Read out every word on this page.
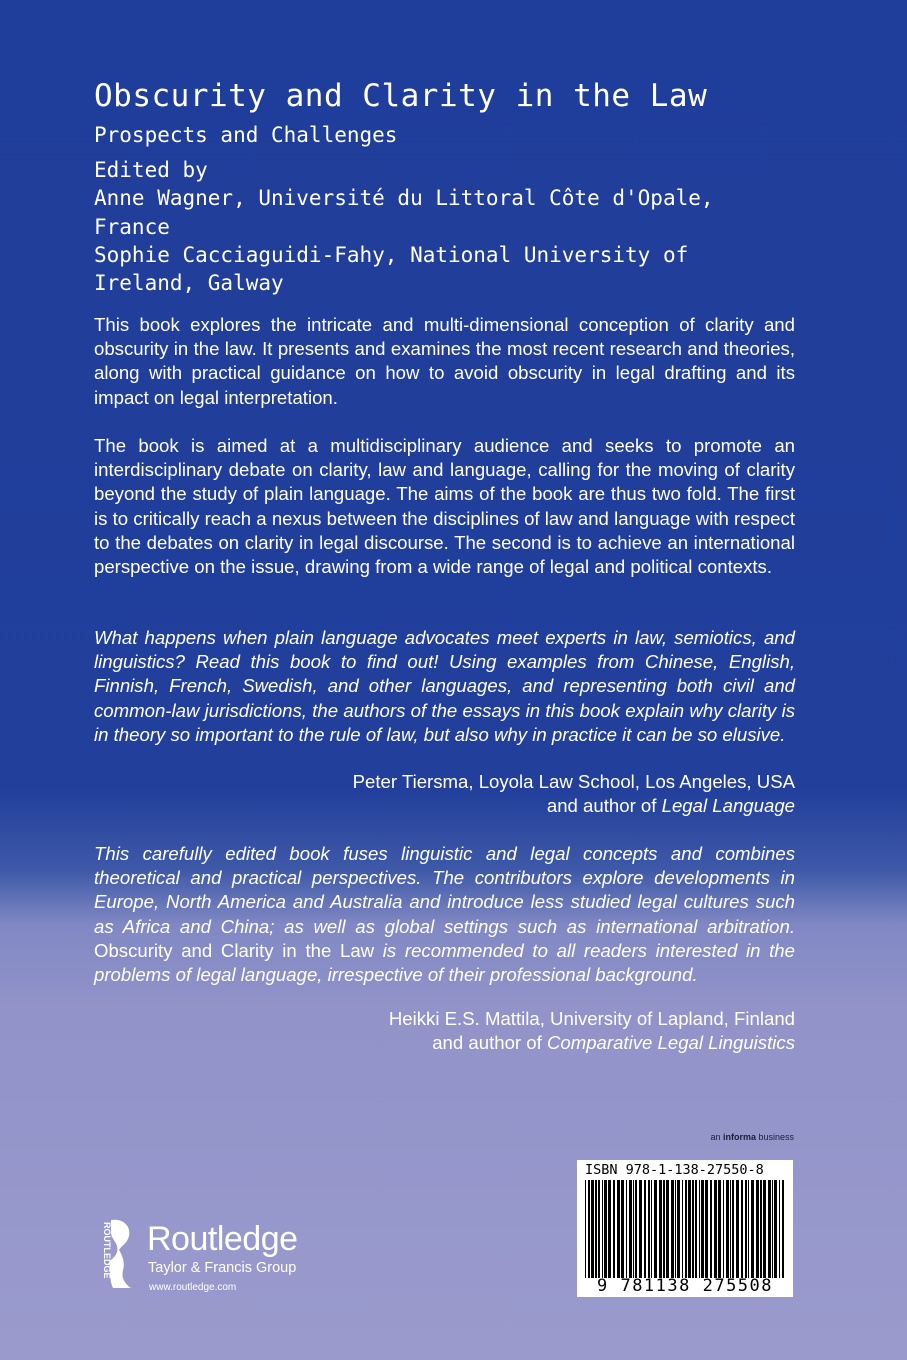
Obscurity and Clarity in the Law
Prospects and Challenges
Edited by
Anne Wagner, Université du Littoral Côte d'Opale,
France
Sophie Cacciaguidi-Fahy, National University of
Ireland, Galway
This book explores the intricate and multi-dimensional conception of clarity and obscurity in the law. It presents and examines the most recent research and theories, along with practical guidance on how to avoid obscurity in legal drafting and its impact on legal interpretation.
The book is aimed at a multidisciplinary audience and seeks to promote an interdisciplinary debate on clarity, law and language, calling for the moving of clarity beyond the study of plain language. The aims of the book are thus two fold. The first is to critically reach a nexus between the disciplines of law and language with respect to the debates on clarity in legal discourse. The second is to achieve an international perspective on the issue, drawing from a wide range of legal and political contexts.
What happens when plain language advocates meet experts in law, semiotics, and linguistics? Read this book to find out! Using examples from Chinese, English, Finnish, French, Swedish, and other languages, and representing both civil and common-law jurisdictions, the authors of the essays in this book explain why clarity is in theory so important to the rule of law, but also why in practice it can be so elusive.
Peter Tiersma, Loyola Law School, Los Angeles, USA
and author of Legal Language
This carefully edited book fuses linguistic and legal concepts and combines theoretical and practical perspectives. The contributors explore developments in Europe, North America and Australia and introduce less studied legal cultures such as Africa and China; as well as global settings such as international arbitration. Obscurity and Clarity in the Law is recommended to all readers interested in the problems of legal language, irrespective of their professional background.
Heikki E.S. Mattila, University of Lapland, Finland
and author of Comparative Legal Linguistics
an informa business
ISBN 978-1-138-27550-8
9 781138 275508
ROUTLEDGE Routledge
Taylor & Francis Group
www.routledge.com
